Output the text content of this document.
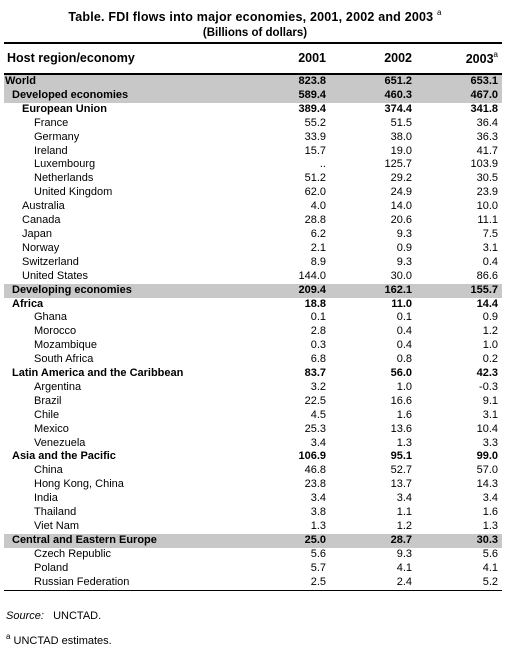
Table. FDI flows into major economies, 2001, 2002 and 2003 $^a$
(Billions of dollars)
Host region/economy	2001	2002	2003$^a$
World	823.8	651.2	653.1
Developed economies	589.4	460.3	467.0
European Union	389.4	374.4	341.8
France	55.2	51.5	36.4
Germany	33.9	38.0	36.3
Ireland	15.7	19.0	41.7
Luxembourg	..	125.7	103.9
Netherlands	51.2	29.2	30.5
United Kingdom	62.0	24.9	23.9
Australia	4.0	14.0	10.0
Canada	28.8	20.6	11.1
Japan	6.2	9.3	7.5
Norway	2.1	0.9	3.1
Switzerland	8.9	9.3	0.4
United States	144.0	30.0	86.6
Developing economies	209.4	162.1	155.7
Africa	18.8	11.0	14.4
Ghana	0.1	0.1	0.9
Morocco	2.8	0.4	1.2
Mozambique	0.3	0.4	1.0
South Africa	6.8	0.8	0.2
Latin America and the Caribbean	83.7	56.0	42.3
Argentina	3.2	1.0	-0.3
Brazil	22.5	16.6	9.1
Chile	4.5	1.6	3.1
Mexico	25.3	13.6	10.4
Venezuela	3.4	1.3	3.3
Asia and the Pacific	106.9	95.1	99.0
China	46.8	52.7	57.0
Hong Kong, China	23.8	13.7	14.3
India	3.4	3.4	3.4
Thailand	3.8	1.1	1.6
Viet Nam	1.3	1.2	1.3
Central and Eastern Europe	25.0	28.7	30.3
Czech Republic	5.6	9.3	5.6
Poland	5.7	4.1	4.1
Russian Federation	2.5	2.4	5.2
Source: UNCTAD.
$^a$ UNCTAD estimates.
